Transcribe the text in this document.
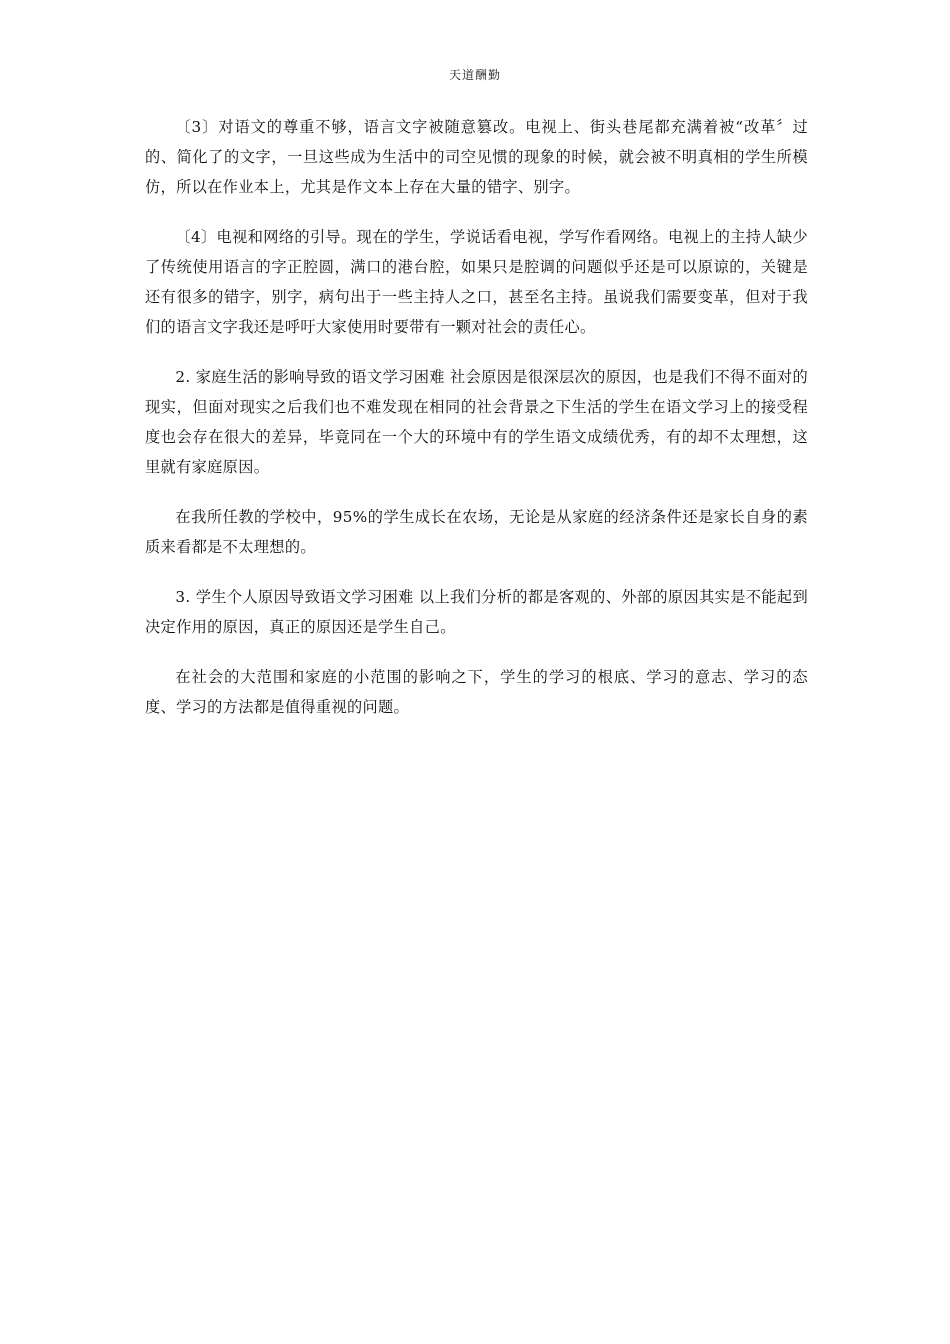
天道酬勤

〔3〕对语文的尊重不够，语言文字被随意篡改。电视上、街头巷尾都充满着被“改革〞过的、简化了的文字，一旦这些成为生活中的司空见惯的现象的时候，就会被不明真相的学生所模仿，所以在作业本上，尤其是作文本上存在大量的错字、别字。

〔4〕电视和网络的引导。现在的学生，学说话看电视，学写作看网络。电视上的主持人缺少了传统使用语言的字正腔圆，满口的港台腔，如果只是腔调的问题似乎还是可以原谅的，关键是还有很多的错字，别字，病句出于一些主持人之口，甚至名主持。虽说我们需要变革，但对于我们的语言文字我还是呼吁大家使用时要带有一颗对社会的责任心。

2. 家庭生活的影响导致的语文学习困难 社会原因是很深层次的原因，也是我们不得不面对的现实，但面对现实之后我们也不难发现在相同的社会背景之下生活的学生在语文学习上的接受程度也会存在很大的差异，毕竟同在一个大的环境中有的学生语文成绩优秀，有的却不太理想，这里就有家庭原因。

在我所任教的学校中，95%的学生成长在农场，无论是从家庭的经济条件还是家长自身的素质来看都是不太理想的。

3. 学生个人原因导致语文学习困难 以上我们分析的都是客观的、外部的原因其实是不能起到决定作用的原因，真正的原因还是学生自己。

在社会的大范围和家庭的小范围的影响之下，学生的学习的根底、学习的意志、学习的态度、学习的方法都是值得重视的问题。
